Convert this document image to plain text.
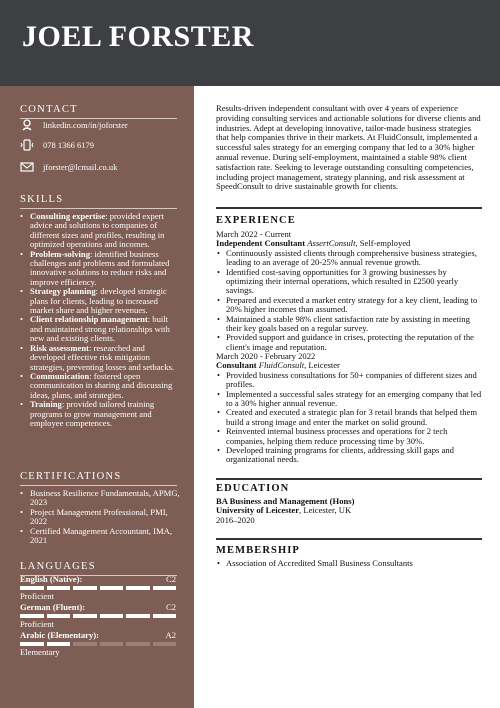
JOEL FORSTER
CONTACT
linkedin.com/in/joforster
078 1366 6179
jforster@lcmail.co.uk
SKILLS
• Consulting expertise: provided expert advice and solutions to companies of different sizes and profiles, resulting in optimized operations and incomes.
• Problem-solving: identified business challenges and problems and formulated innovative solutions to reduce risks and improve efficiency.
• Strategy planning: developed strategic plans for clients, leading to increased market share and higher revenues.
• Client relationship management: built and maintained strong relationships with new and existing clients.
• Risk assessment: researched and developed effective risk mitigation strategies, preventing losses and setbacks.
• Communication: fostered open communication in sharing and discussing ideas, plans, and strategies.
• Training: provided tailored training programs to grow management and employee competences.
CERTIFICATIONS
• Business Resilience Fundamentals, APMG, 2023
• Project Management Professional, PMI, 2022
• Certified Management Accountant, IMA, 2021
LANGUAGES
English (Native):	C2
Proficient
German (Fluent):	C2
Proficient
Arabic (Elementary):	A2
Elementary
Results-driven independent consultant with over 4 years of experience providing consulting services and actionable solutions for diverse clients and industries. Adept at developing innovative, tailor-made business strategies that help companies thrive in their markets. At FluidConsult, implemented a successful sales strategy for an emerging company that led to a 30% higher annual revenue. During self-employment, maintained a stable 98% client satisfaction rate. Seeking to leverage outstanding consulting competencies, including project management, strategy planning, and risk assessment at SpeedConsult to drive sustainable growth for clients.
EXPERIENCE
March 2022 - Current
Independent Consultant AssertConsult, Self-employed
• Continuously assisted clients through comprehensive business strategies, leading to an average of 20-25% annual revenue growth.
• Identified cost-saving opportunities for 3 growing businesses by optimizing their internal operations, which resulted in £2500 yearly savings.
• Prepared and executed a market entry strategy for a key client, leading to 20% higher incomes than assumed.
• Maintained a stable 98% client satisfaction rate by assisting in meeting their key goals based on a regular survey.
• Provided support and guidance in crises, protecting the reputation of the client's image and reputation.
March 2020 - February 2022
Consultant FluidConsult, Leicester
• Provided business consultations for 50+ companies of different sizes and profiles.
• Implemented a successful sales strategy for an emerging company that led to a 30% higher annual revenue.
• Created and executed a strategic plan for 3 retail brands that helped them build a strong image and enter the market on solid ground.
• Reinvented internal business processes and operations for 2 tech companies, helping them reduce processing time by 30%.
• Developed training programs for clients, addressing skill gaps and organizational needs.
EDUCATION
BA Business and Management (Hons)
University of Leicester, Leicester, UK
2016–2020
MEMBERSHIP
• Association of Accredited Small Business Consultants
